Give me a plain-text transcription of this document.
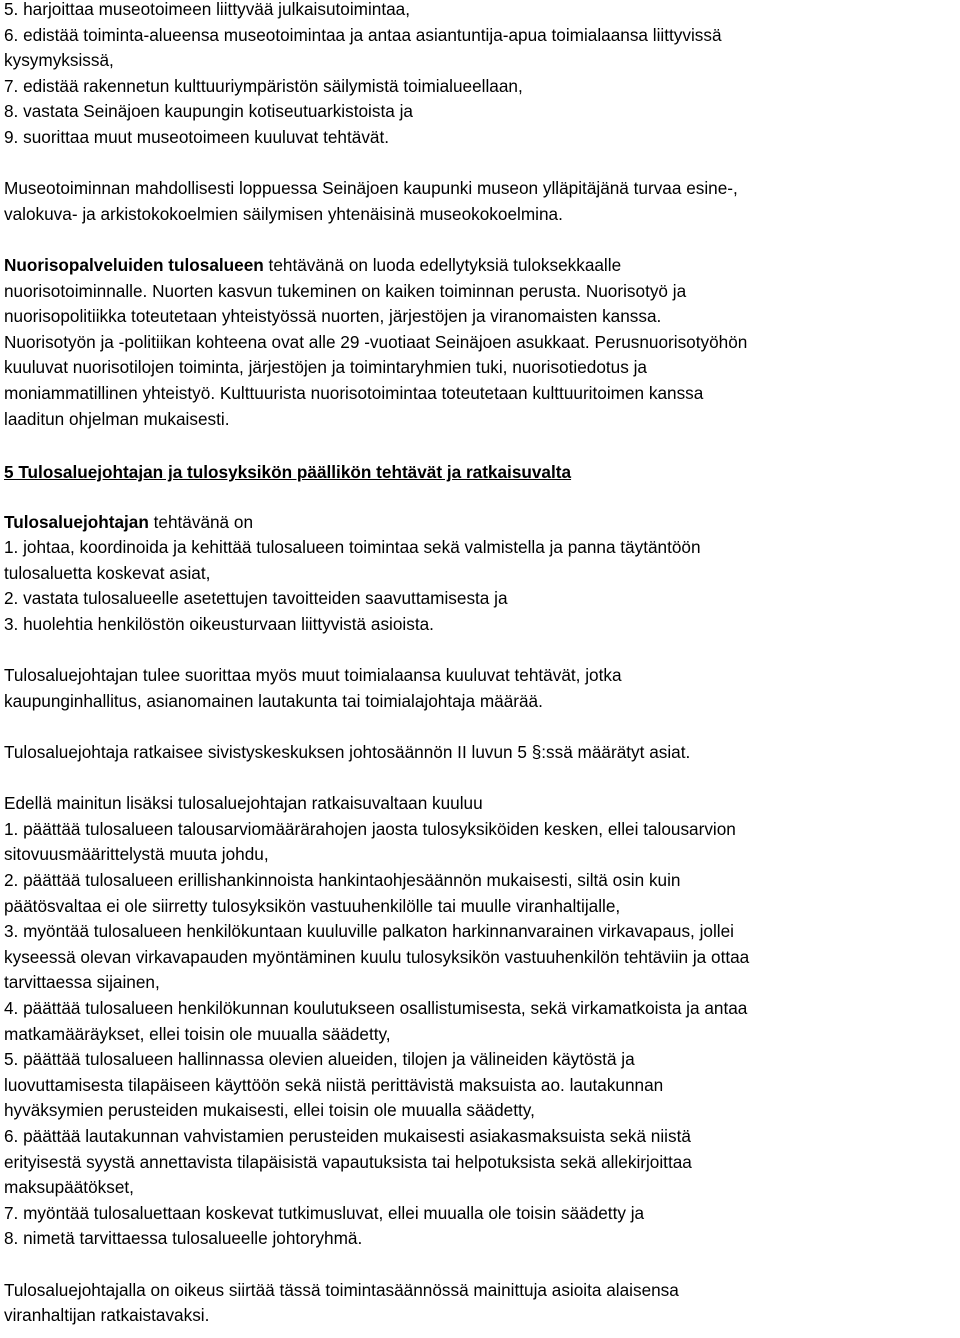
5. harjoittaa museotoimeen liittyvää julkaisutoimintaa,
6. edistää toiminta-alueensa museotoimintaa ja antaa asiantuntija-apua toimialaansa liittyvissä
kysymyksissä,
7. edistää rakennetun kulttuuriympäristön säilymistä toimialueellaan,
8. vastata Seinäjoen kaupungin kotiseutuarkistoista ja
9. suorittaa muut museotoimeen kuuluvat tehtävät.
Museotoiminnan mahdollisesti loppuessa Seinäjoen kaupunki museon ylläpitäjänä turvaa esine-,
valokuva- ja arkistokokoelmien säilymisen yhtenäisinä museokokoelmina.
Nuorisopalveluiden tulosalueen tehtävänä on luoda edellytyksiä tuloksekkaalle
nuorisotoiminnalle. Nuorten kasvun tukeminen on kaiken toiminnan perusta. Nuorisotyö ja
nuorisopolitiikka toteutetaan yhteistyössä nuorten, järjestöjen ja viranomaisten kanssa.
Nuorisotyön ja -politiikan kohteena ovat alle 29 -vuotiaat Seinäjoen asukkaat. Perusnuorisotyöhön
kuuluvat nuorisotilojen toiminta, järjestöjen ja toimintaryhmien tuki, nuorisotiedotus ja
moniammatillinen yhteistyö. Kulttuurista nuorisotoimintaa toteutetaan kulttuuritoimen kanssa
laaditun ohjelman mukaisesti.
5 Tulosaluejohtajan ja tulosyksikön päällikön tehtävät ja ratkaisuvalta
Tulosaluejohtajan tehtävänä on
1. johtaa, koordinoida ja kehittää tulosalueen toimintaa sekä valmistella ja panna täytäntöön
tulosaluetta koskevat asiat,
2. vastata tulosalueelle asetettujen tavoitteiden saavuttamisesta ja
3. huolehtia henkilöstön oikeusturvaan liittyvistä asioista.
Tulosaluejohtajan tulee suorittaa myös muut toimialaansa kuuluvat tehtävät, jotka
kaupunginhallitus, asianomainen lautakunta tai toimialajohtaja määrää.
Tulosaluejohtaja ratkaisee sivistyskeskuksen johtosäännön II luvun 5 §:ssä määrätyt asiat.
Edellä mainitun lisäksi tulosaluejohtajan ratkaisuvaltaan kuuluu
1. päättää tulosalueen talousarviomäärärahojen jaosta tulosyksiköiden kesken, ellei talousarvion
sitovuusmäärittelystä muuta johdu,
2. päättää tulosalueen erillishankinnoista hankintaohjesäännön mukaisesti, siltä osin kuin
päätösvaltaa ei ole siirretty tulosyksikön vastuuhenkilölle tai muulle viranhaltijalle,
3. myöntää tulosalueen henkilökuntaan kuuluville palkaton harkinnanvarainen virkavapaus, jollei
kyseessä olevan virkavapauden myöntäminen kuulu tulosyksikön vastuuhenkilön tehtäviin ja ottaa
tarvittaessa sijainen,
4. päättää tulosalueen henkilökunnan koulutukseen osallistumisesta, sekä virkamatkoista ja antaa
matkamääräykset, ellei toisin ole muualla säädetty,
5. päättää tulosalueen hallinnassa olevien alueiden, tilojen ja välineiden käytöstä ja
luovuttamisesta tilapäiseen käyttöön sekä niistä perittävistä maksuista ao. lautakunnan
hyväksymien perusteiden mukaisesti, ellei toisin ole muualla säädetty,
6. päättää lautakunnan vahvistamien perusteiden mukaisesti asiakasmaksuista sekä niistä
erityisestä syystä annettavista tilapäisistä vapautuksista tai helpotuksista sekä allekirjoittaa
maksupäätökset,
7. myöntää tulosaluettaan koskevat tutkimusluvat, ellei muualla ole toisin säädetty ja
8. nimetä tarvittaessa tulosalueelle johtoryhmä.
Tulosaluejohtajalla on oikeus siirtää tässä toimintasäännössä mainittuja asioita alaisensa
viranhaltijan ratkaistavaksi.
